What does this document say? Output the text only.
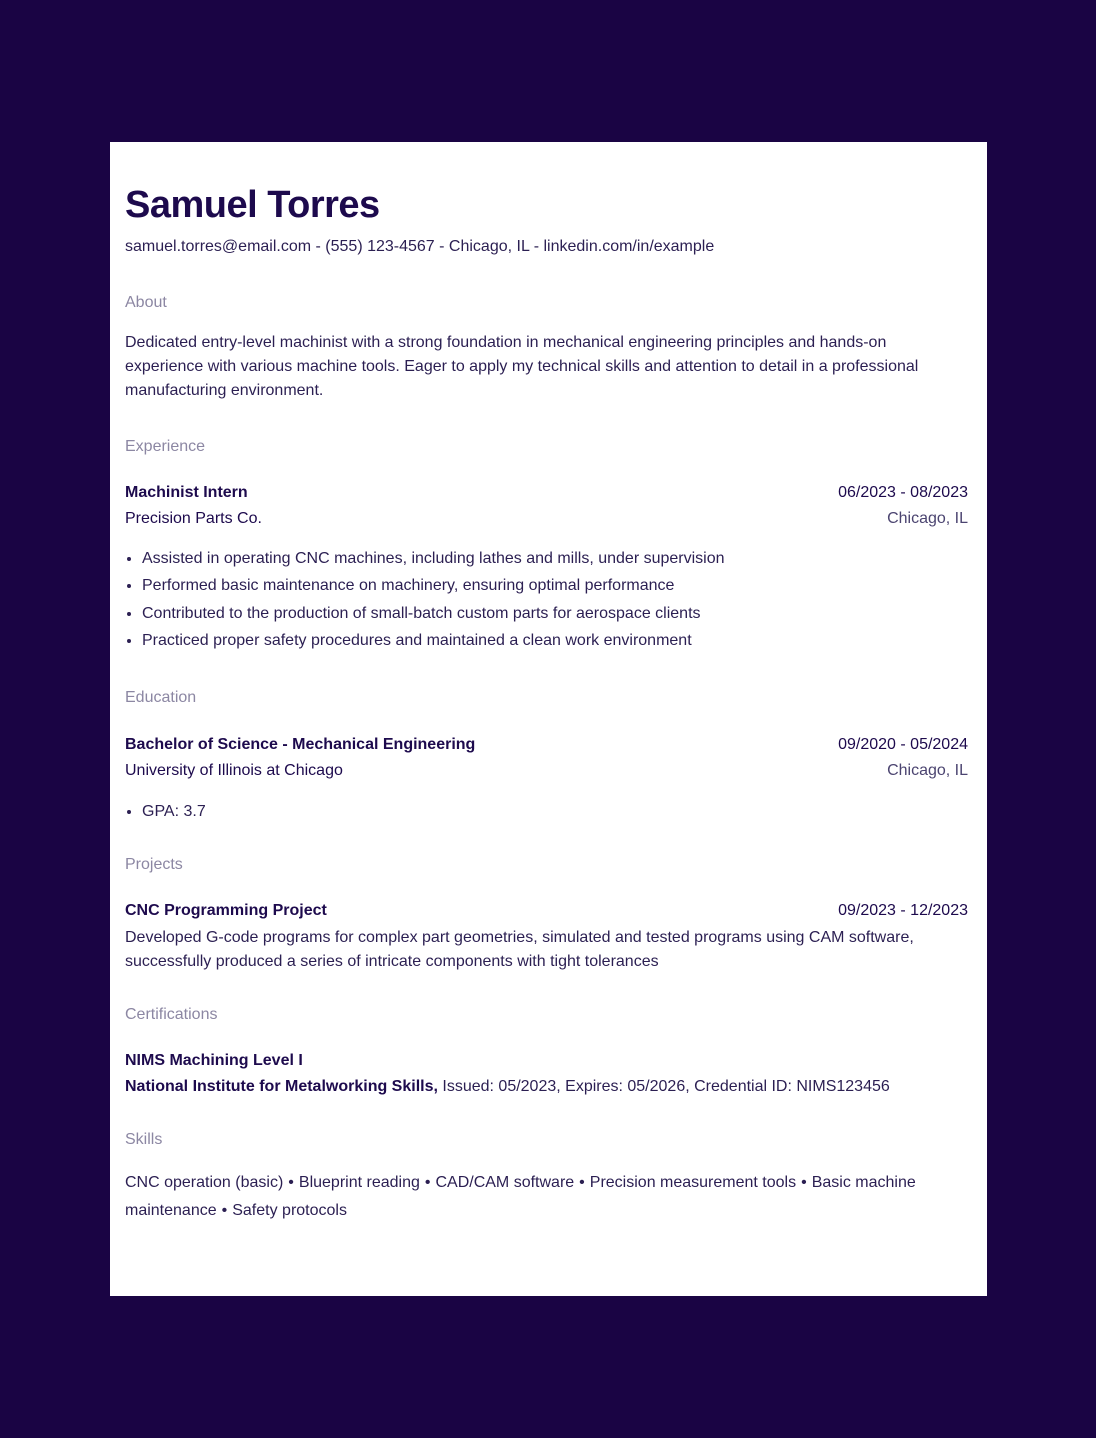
Samuel Torres
samuel.torres@email.com - (555) 123-4567 - Chicago, IL - linkedin.com/in/example
About
Dedicated entry-level machinist with a strong foundation in mechanical engineering principles and hands-on experience with various machine tools. Eager to apply my technical skills and attention to detail in a professional manufacturing environment.
Experience
Machinist Intern	06/2023 - 08/2023
Precision Parts Co.	Chicago, IL
• Assisted in operating CNC machines, including lathes and mills, under supervision
• Performed basic maintenance on machinery, ensuring optimal performance
• Contributed to the production of small-batch custom parts for aerospace clients
• Practiced proper safety procedures and maintained a clean work environment
Education
Bachelor of Science - Mechanical Engineering	09/2020 - 05/2024
University of Illinois at Chicago	Chicago, IL
• GPA: 3.7
Projects
CNC Programming Project	09/2023 - 12/2023
Developed G-code programs for complex part geometries, simulated and tested programs using CAM software, successfully produced a series of intricate components with tight tolerances
Certifications
NIMS Machining Level I
National Institute for Metalworking Skills, Issued: 05/2023, Expires: 05/2026, Credential ID: NIMS123456
Skills
CNC operation (basic) • Blueprint reading • CAD/CAM software • Precision measurement tools • Basic machine maintenance • Safety protocols
